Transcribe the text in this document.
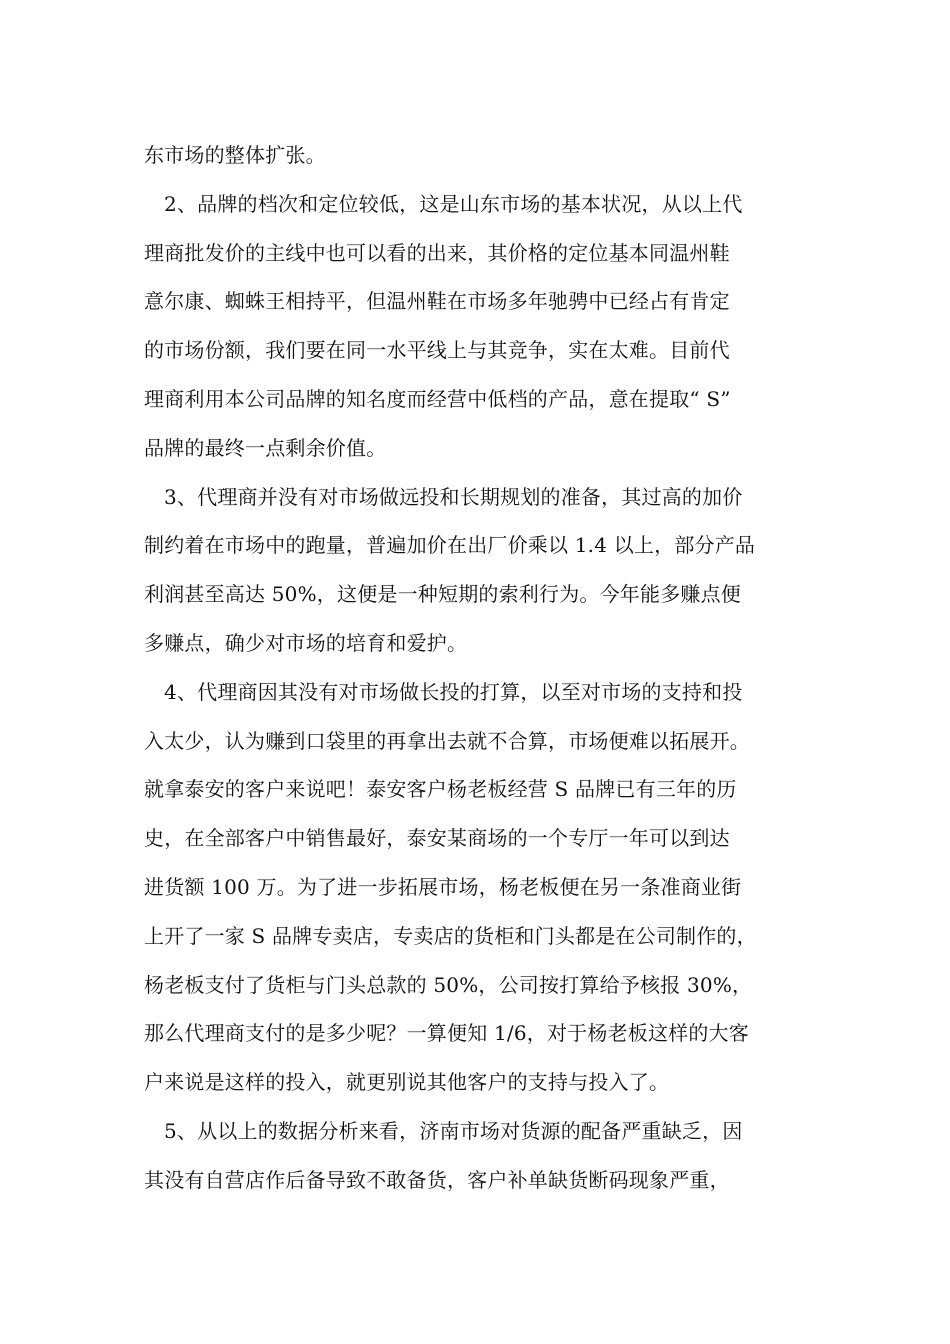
东市场的整体扩张。
2、品牌的档次和定位较低，这是山东市场的基本状况，从以上代
理商批发价的主线中也可以看的出来，其价格的定位基本同温州鞋
意尔康、蜘蛛王相持平，但温州鞋在市场多年驰骋中已经占有肯定
的市场份额，我们要在同一水平线上与其竞争，实在太难。目前代
理商利用本公司品牌的知名度而经营中低档的产品，意在提取“ S”
品牌的最终一点剩余价值。
3、代理商并没有对市场做远投和长期规划的准备，其过高的加价
制约着在市场中的跑量，普遍加价在出厂价乘以 1.4 以上，部分产品
利润甚至高达 50%，这便是一种短期的索利行为。今年能多赚点便
多赚点，确少对市场的培育和爱护。
4、代理商因其没有对市场做长投的打算，以至对市场的支持和投
入太少，认为赚到口袋里的再拿出去就不合算，市场便难以拓展开。
就拿泰安的客户来说吧！泰安客户杨老板经营 S 品牌已有三年的历
史，在全部客户中销售最好，泰安某商场的一个专厅一年可以到达
进货额 100 万。为了进一步拓展市场，杨老板便在另一条准商业街
上开了一家 S 品牌专卖店，专卖店的货柜和门头都是在公司制作的，
杨老板支付了货柜与门头总款的 50%，公司按打算给予核报 30%，
那么代理商支付的是多少呢？一算便知 1/6，对于杨老板这样的大客
户来说是这样的投入，就更别说其他客户的支持与投入了。
5、从以上的数据分析来看，济南市场对货源的配备严重缺乏，因
其没有自营店作后备导致不敢备货，客户补单缺货断码现象严重，
